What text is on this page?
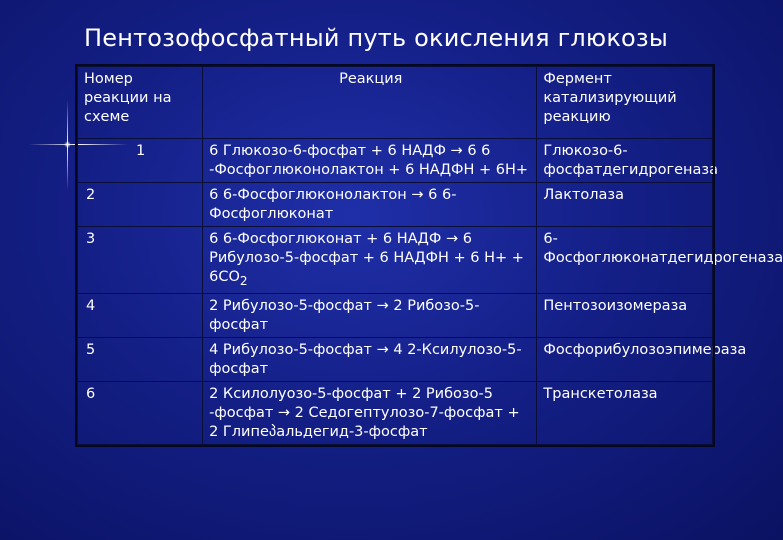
Пентозофосфатный путь окисления глюкозы
Номер реакции на схеме	Реакция	Фермент катализирующий реакцию
1	6 Глюкозо-6-фосфат + 6 НАДФ → 6 6 -Фосфоглюконолактон + 6 НАДФН + 6Н+	Глюкозо-6-фосфатдегидрогеназа
2	6 6-Фосфоглюконолактон → 6 6-Фосфоглюконат	Лактолаза
3	6 6-Фосфоглюконат + 6 НАДФ → 6 Рибулозо-5-фосфат + 6 НАДФН + 6 $Н+ + 6СО_2$	6-Фосфоглюконатдегидрогеназа
4	2 Рибулозо-5-фосфат → 2 Рибозо-5-фосфат	Пентозоизомераза
5	4 Рибулозо-5-фосфат → 4 2-Ксилулозо-5-фосфат	Фосфорибулозоэпимераза
6	2 Ксилолуозо-5-фосфат + 2 Рибозо-5 -фосфат → 2 Седогептулозо-7-фосфат + 2 Глипеპальдегид-3-фосфат	Транскетолаза
